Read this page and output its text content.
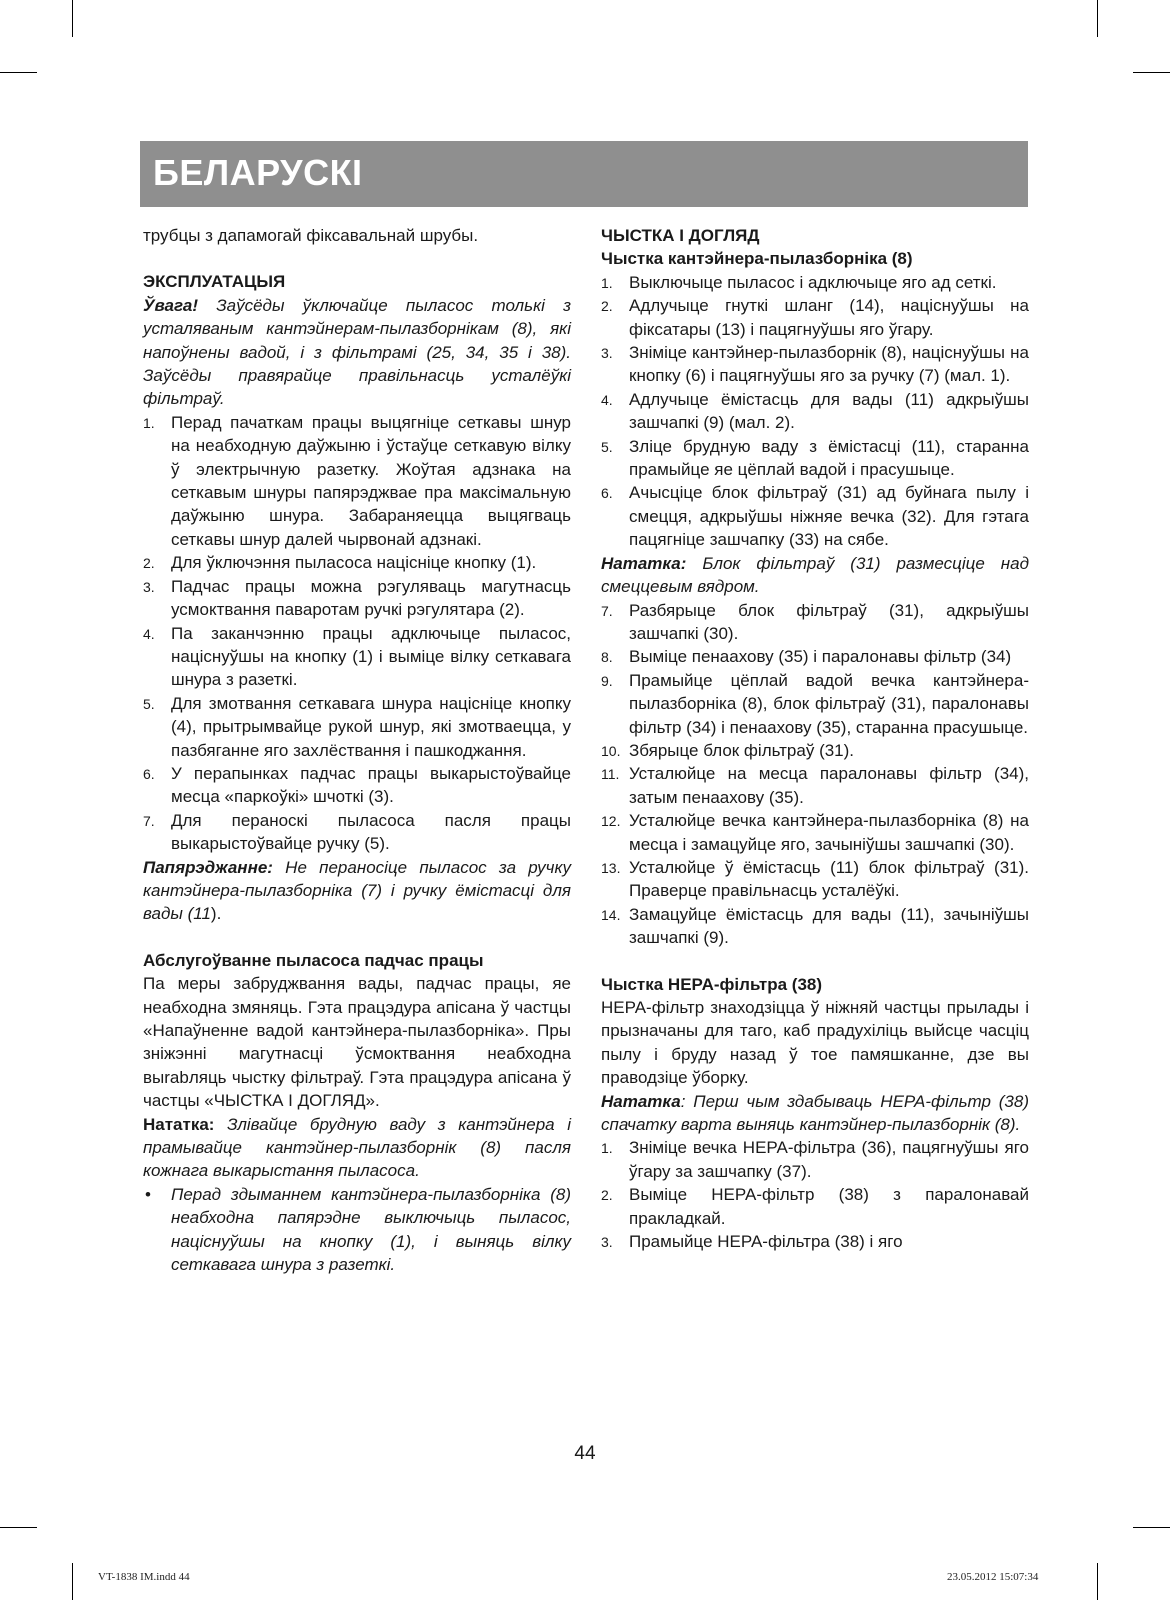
БЕЛАРУСКІ

трубцы з дапамогай фіксавальнай шрубы.

ЭКСПЛУАТАЦЫЯ

Ўвага! Заўсёды ўключайце пыласос толькі з усталяваным кантэйнерам-пылазборнікам (8), які напоўнены вадой, і з фільтрамі (25, 34, 35 і 38). Заўсёды правярайце правільнасць усталёўкі фільтраў.

1. Перад пачаткам працы выцягніце сеткавы шнур на неабходную даўжыню і ўстаўце сеткавую вілку ў электрычную разетку. Жоўтая адзнака на сеткавым шнуры папярэджвае пра максімальную даўжыню шнура. Забараняецца выцягваць сеткавы шнур далей чырвонай адзнакі.
2. Для ўключэння пыласоса націсніце кнопку (1).
3. Падчас працы можна рэгуляваць магутнасць усмоктвання паваротам ручкі рэгулятара (2).
4. Па заканчэнню працы адключыце пыласос, націснуўшы на кнопку (1) і выміце вілку сеткавага шнура з разеткі.
5. Для змотвання сеткавага шнура націсніце кнопку (4), прытрымвайце рукой шнур, які змотваецца, у пазбяганне яго захлёствання і пашкоджання.
6. У перапынках падчас працы выкарыстоўвайце месца «паркоўкі» шчоткі (3).
7. Для пераноскі пыласоса пасля працы выкарыстоўвайце ручку (5).

Папярэджанне: Не пераносіце пыласос за ручку кантэйнера-пылазборніка (7) і ручку ёмістасці для вады (11).

Абслугоўванне пыласоса падчас працы

Па меры забруджвання вады, падчас працы, яе неабходна змяняць. Гэта працэдура апісана ў частцы «Напаўненне вадой кантэйнера-пылазборніка». Пры зніжэнні магутнасці ўсмоктвання неабходна выrabляць чыстку фільтраў. Гэта працэдура апісана ў частцы «ЧЫСТКА І ДОГЛЯД».

Нататка: Злівайце брудную ваду з кантэйнера і прамывайце кантэйнер-пылазборнік (8) пасля кожнага выкарыстання пыласоса.

• Перад здыманнем кантэйнера-пылазборніка (8) неабходна папярэдне выключыць пыласос, націснуўшы на кнопку (1), і выняць вілку сеткавага шнура з разеткі.

ЧЫСТКА І ДОГЛЯД

Чыстка кантэйнера-пылазборніка (8)

1. Выключыце пыласос і адключыце яго ад сеткі.
2. Адлучыце гнуткі шланг (14), націснуўшы на фіксатары (13) і пацягнуўшы яго ўгару.
3. Зніміце кантэйнер-пылазборнік (8), націснуўшы на кнопку (6) і пацягнуўшы яго за ручку (7) (мал. 1).
4. Адлучыце ёмістасць для вады (11) адкрыўшы зашчапкі (9) (мал. 2).
5. Зліце брудную ваду з ёмістасці (11), старанна прамыйце яе цёплай вадой і прасушыце.
6. Ачысціце блок фільтраў (31) ад буйнага пылу і смецця, адкрыўшы ніжняе вечка (32). Для гэтага пацягніце зашчапку (33) на сябе.

Нататка: Блок фільтраў (31) размесціце над смеццевым вядром.

7. Разбярыце блок фільтраў (31), адкрыўшы зашчапкі (30).
8. Выміце пенаахову (35) і паралонавы фільтр (34)
9. Прамыйце цёплай вадой вечка кантэйнера-пылазборніка (8), блок фільтраў (31), паралонавы фільтр (34) і пенаахову (35), старанна прасушыце.
10. Збярыце блок фільтраў (31).
11. Усталюйце на месца паралонавы фільтр (34), затым пенаахову (35).
12. Усталюйце вечка кантэйнера-пылазборніка (8) на месца і замацуйце яго, зачыніўшы зашчапкі (30).
13. Усталюйце ў ёмістасць (11) блок фільтраў (31). Праверце правільнасць усталёўкі.
14. Замацуйце ёмістасць для вады (11), зачыніўшы зашчапкі (9).

Чыстка HEPA-фільтра (38)

HEPA-фільтр знаходзіцца ў ніжняй частцы прылады і прызначаны для таго, каб прадухіліць выйсце часціц пылу і бруду назад ў тое памяшканне, дзе вы праводзіце ўборку.

Нататка: Перш чым здабываць HEPA-фільтр (38) спачатку варта выняць кантэйнер-пылазборнік (8).

1. Зніміце вечка HEPA-фільтра (36), пацягнуўшы яго ўгару за зашчапку (37).
2. Выміце HEPA-фільтр (38) з паралонавай пракладкай.
3. Прамыйце HEPA-фільтра (38) і яго
44
VT-1838 IM.indd 44	23.05.2012 15:07:34
